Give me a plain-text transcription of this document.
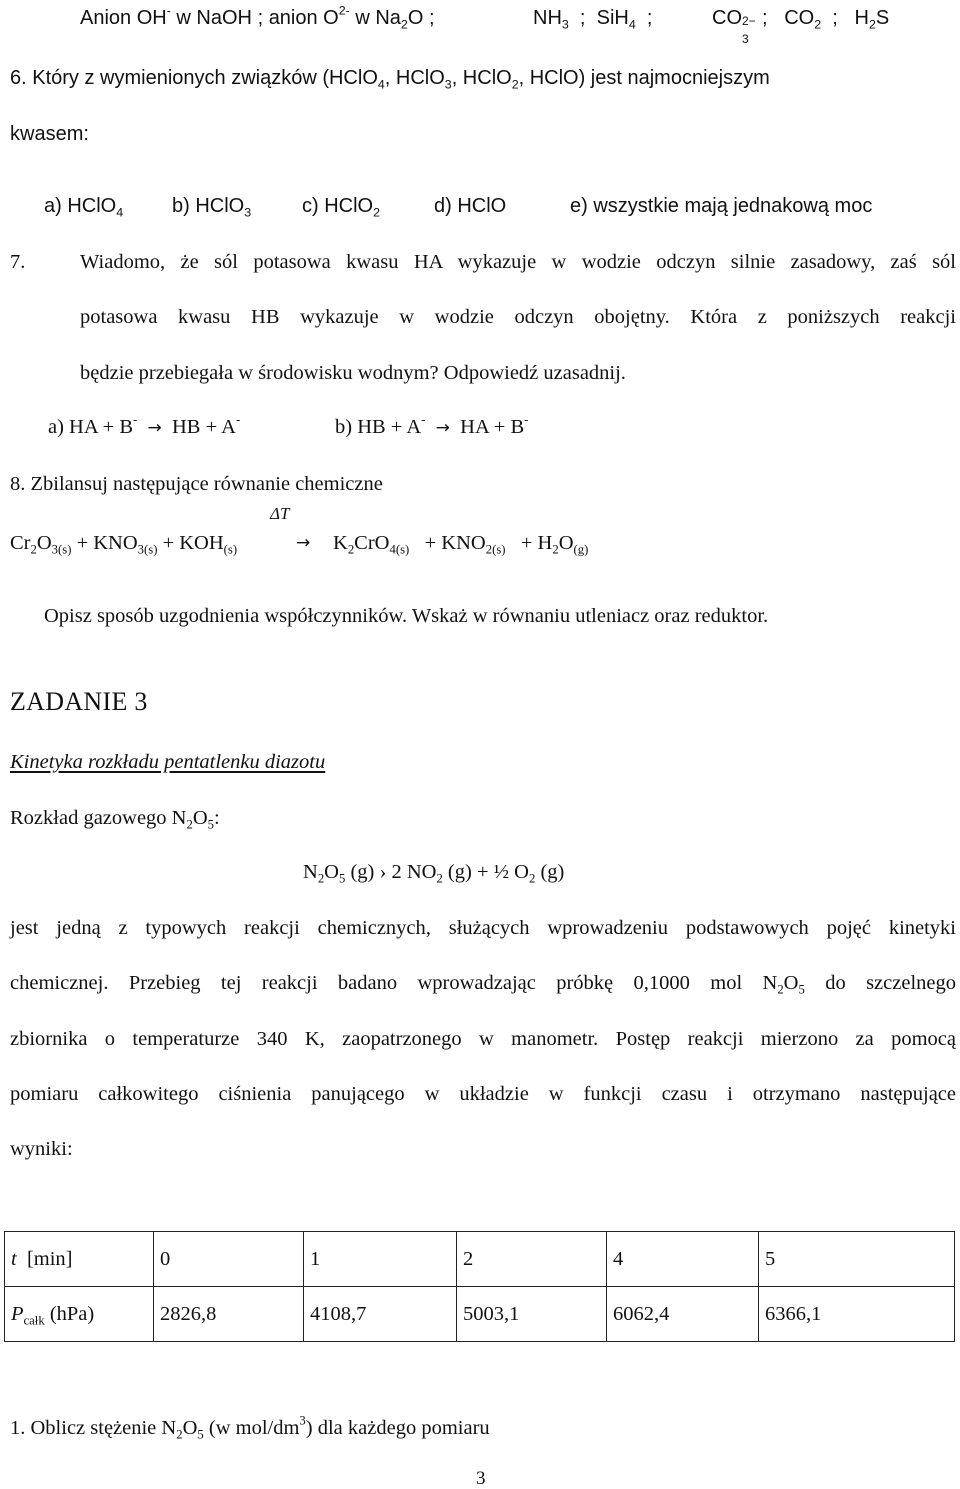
Anion OH- w NaOH ; anion $O^{2-}$ w $Na_2O$ ;	$NH_3$ ; SiH$_4$ ;	CO 2−
3
; $CO_2$ ; $H_2S$
6. Który z wymienionych związków (HClO$_4$, HClO$_3$, HClO$_2$, HClO) jest najmocniejszym
kwasem:
a) HClO$_4$ b) HClO$_3$	c) HClO$_2$	d) HClO	e) wszystkie mają jednakową moc
7.	Wiadomo, że sól potasowa kwasu HA wykazuje w wodzie odczyn silnie zasadowy, zaś sól
potasowa kwasu HB wykazuje w wodzie odczyn obojętny. Która z poniższych reakcji
będzie przebiegała w środowisku wodnym? Odpowiedź uzasadnij.
a) HA + B- → HB + A-	b) HB + A- → HA + B-
8. Zbilansuj następujące równanie chemiczne
ΔT
$Cr_2O_{3(s)} + KNO_{3(s)} + KOH_{(s)}$	→ $K_2CrO_{4(s)} + KNO_{2(s)} + H_2O_{(g)}$
Opisz sposób uzgodnienia współczynników. Wskaż w równaniu utleniacz oraz reduktor.
ZADANIE 3
Kinetyka rozkładu pentatlenku diazotu
Rozkład gazowego $N_2O_5$:
$N_2O_5$ (g) › 2 $NO_2$ (g) + ½ $O_2$ (g)
jest jedną z typowych reakcji chemicznych, służących wprowadzeniu podstawowych pojęć kinetyki
chemicznej. Przebieg tej reakcji badano wprowadzając próbkę 0,1000 mol $N_2O_5$ do szczelnego
zbiornika o temperaturze 340 K, zaopatrzonego w manometr. Postęp reakcji mierzono za pomocą
pomiaru całkowitego ciśnienia panującego w układzie w funkcji czasu i otrzymano następujące
wyniki:
t  [min]	0	1	2	4	5
$P_{całk}$ (hPa)	2826,8	4108,7	5003,1	6062,4	6366,1
1. Oblicz stężenie $N_2O_5$ (w mol/$dm^3$) dla każdego pomiaru
3
